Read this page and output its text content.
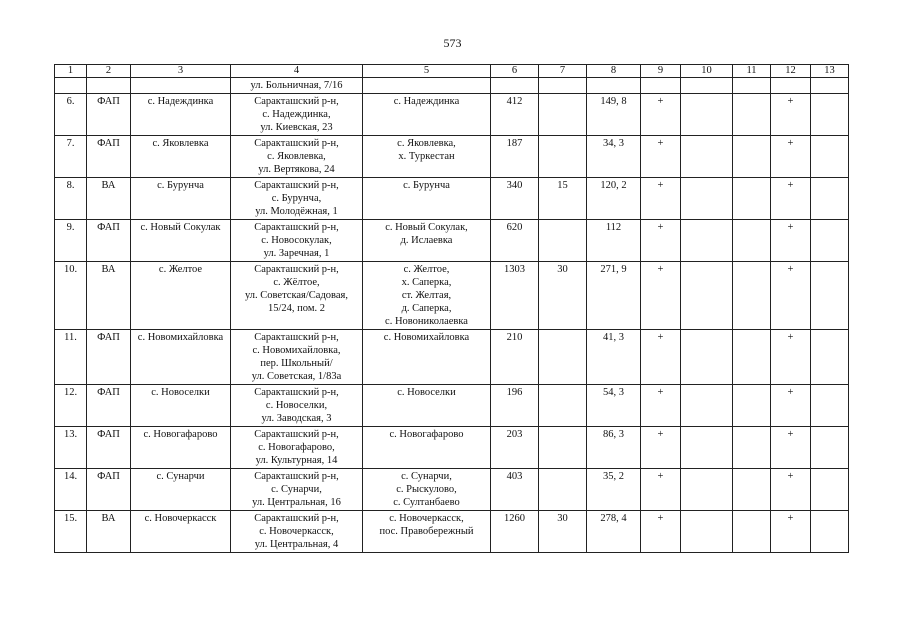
573
1	2	3	4	5	6	7	8	9	10	11	12	13
			ул. Больничная, 7/16									
6.	ФАП	с. Надеждинка	Саракташский р-н,
с. Надеждинка,
ул. Киевская, 23	с. Надеждинка	412		149, 8	+			+	
7.	ФАП	с. Яковлевка	Саракташский р-н,
с. Яковлевка,
ул. Вертякова, 24	с. Яковлевка,
х. Туркестан	187		34, 3	+			+	
8.	ВА	с. Бурунча	Саракташский р-н,
с. Бурунча,
ул. Молодёжная, 1	с. Бурунча	340	15	120, 2	+			+	
9.	ФАП	с. Новый Сокулак	Саракташский р-н,
с. Новосокулак,
ул. Заречная, 1	с. Новый Сокулак,
д. Ислаевка	620		112	+			+	
10.	ВА	с. Желтое	Саракташский р-н,
с. Жёлтое,
ул. Советская/Садовая,
15/24, пом. 2	с. Желтое,
х. Саперка,
ст. Желтая,
д. Саперка,
с. Новониколаевка	1303	30	271, 9	+			+	
11.	ФАП	с. Новомихайловка	Саракташский р-н,
с. Новомихайловка,
пер. Школьный/
ул. Советская, 1/83а	с. Новомихайловка	210		41, 3	+			+	
12.	ФАП	с. Новоселки	Саракташский р-н,
с. Новоселки,
ул. Заводская, 3	с. Новоселки	196		54, 3	+			+	
13.	ФАП	с. Новогафарово	Саракташский р-н,
с. Новогафарово,
ул. Культурная, 14	с. Новогафарово	203		86, 3	+			+	
14.	ФАП	с. Сунарчи	Саракташский р-н,
с. Сунарчи,
ул. Центральная, 16	с. Сунарчи,
с. Рыскулово,
с. Султанбаево	403		35, 2	+			+	
15.	ВА	с. Новочеркасск	Саракташский р-н,
с. Новочеркасск,
ул. Центральная, 4	с. Новочеркасск,
пос. Правобережный	1260	30	278, 4	+			+	
